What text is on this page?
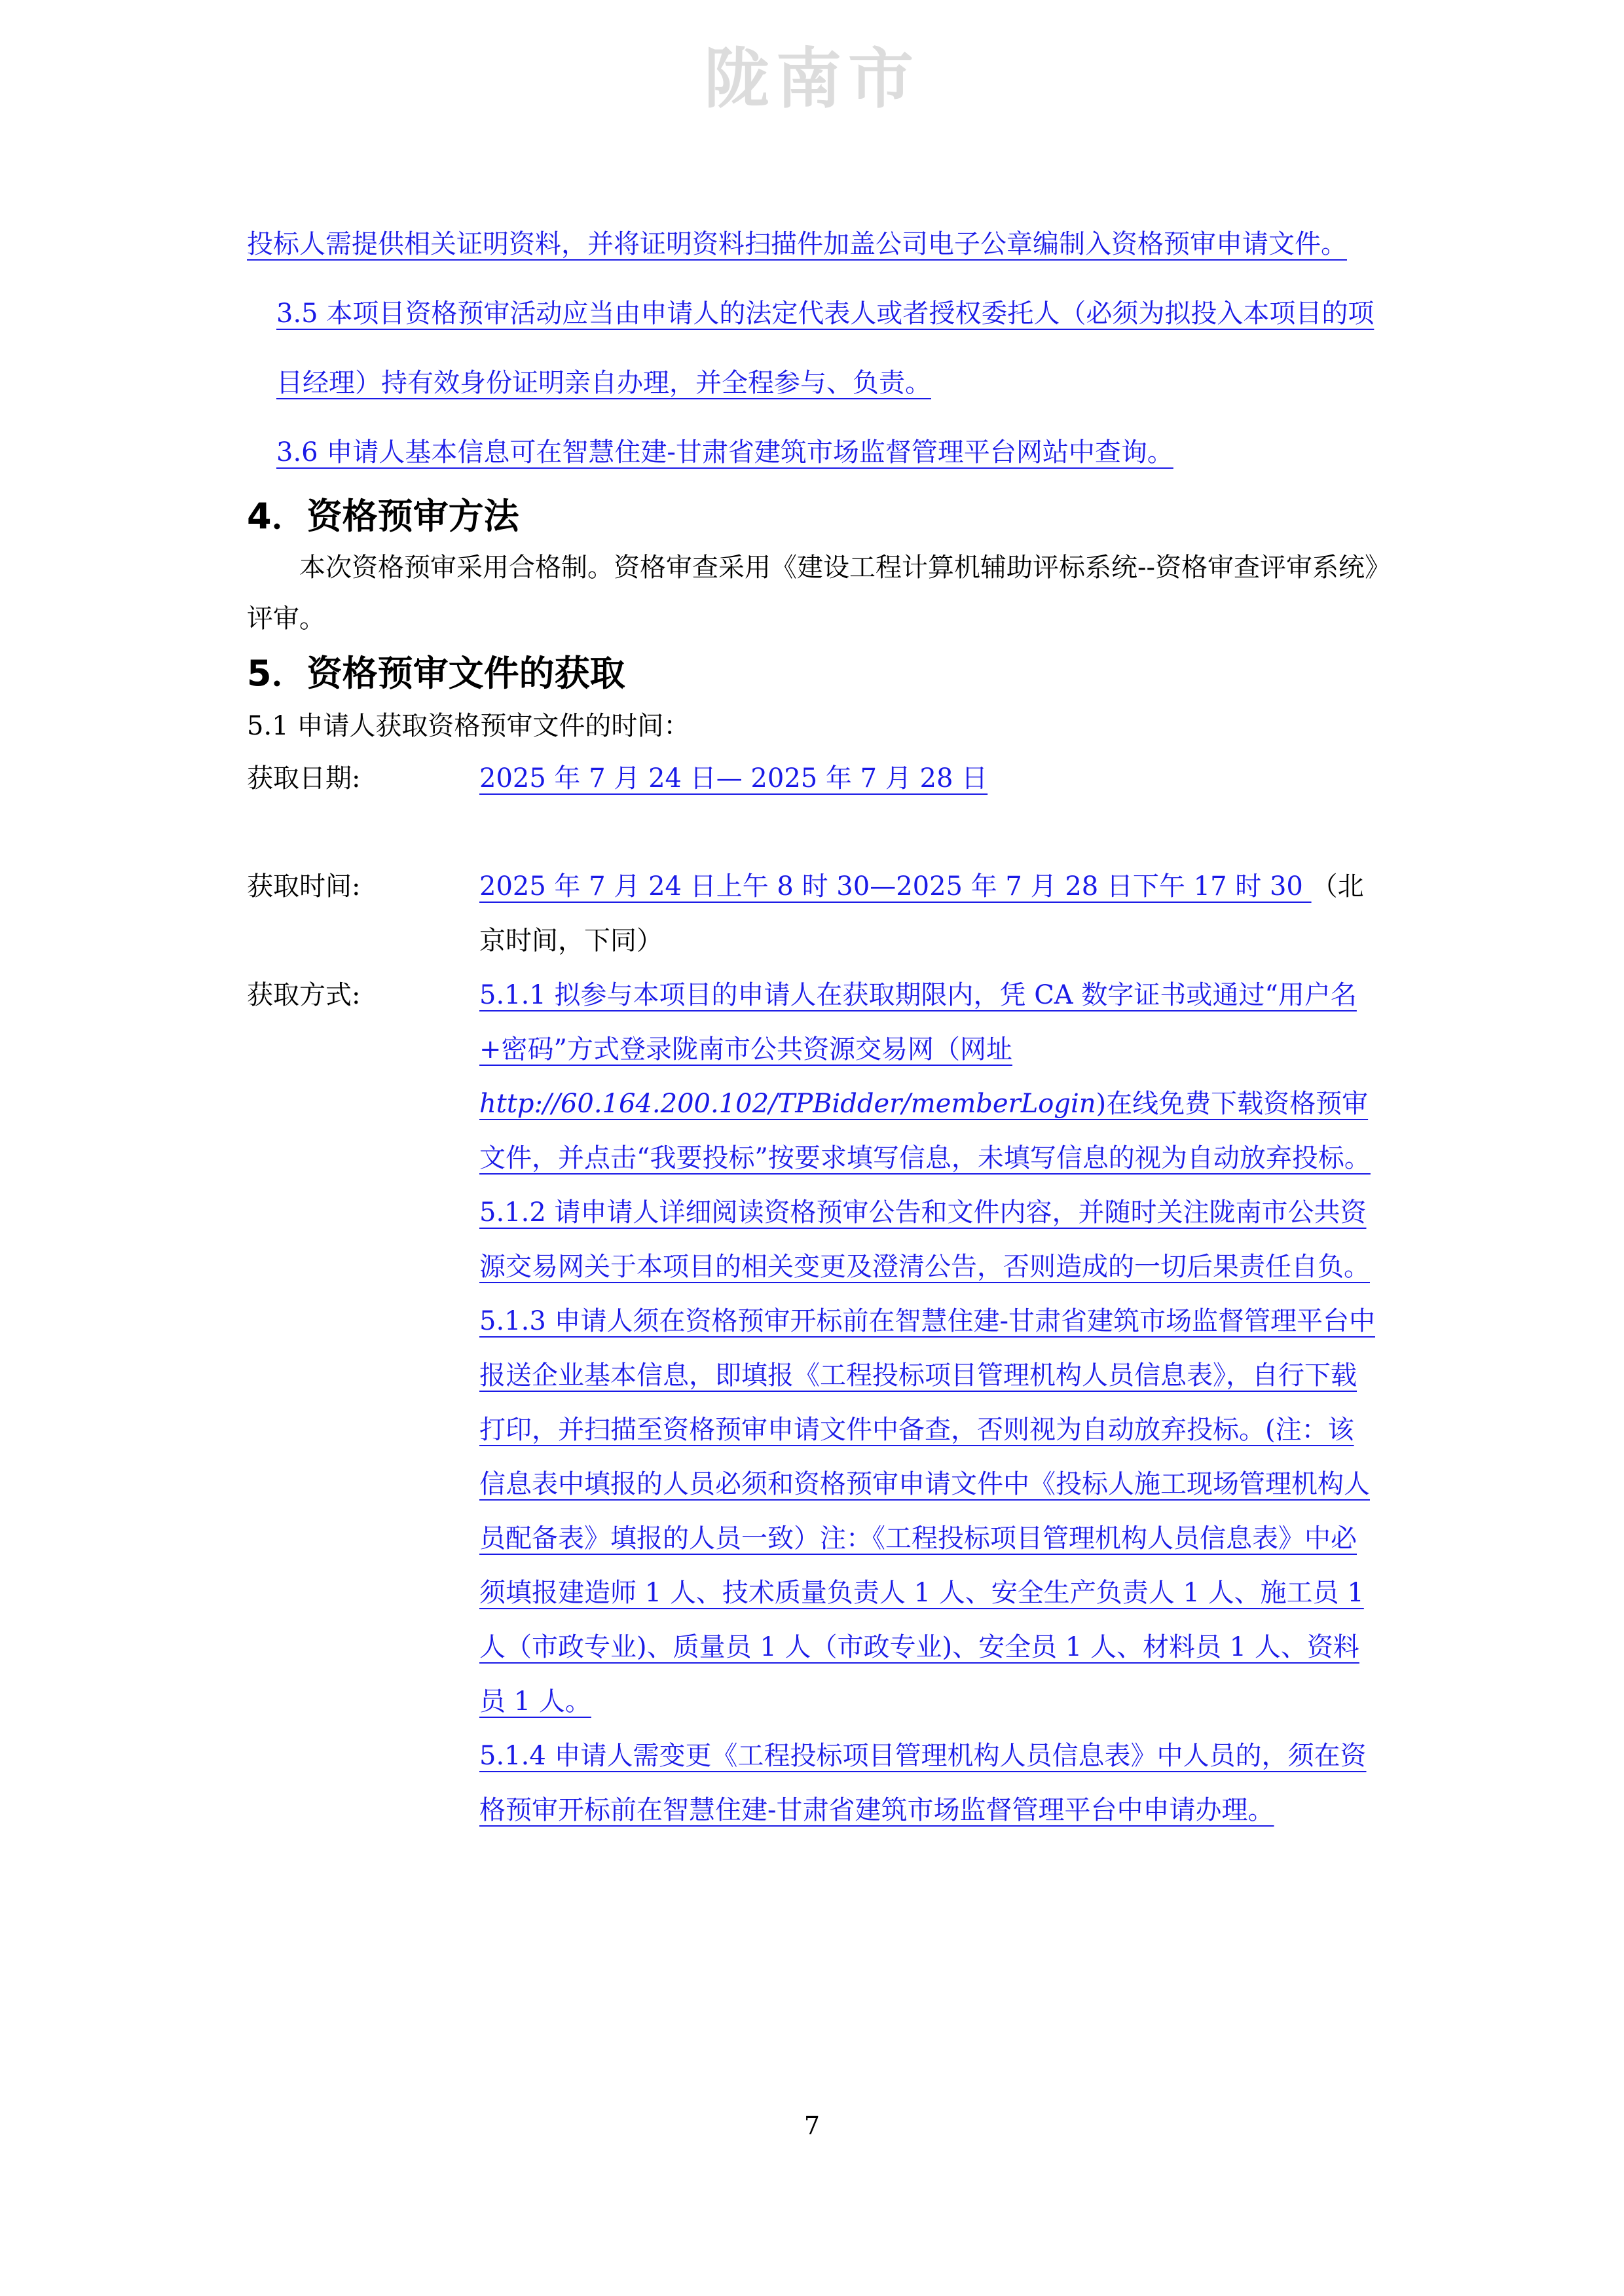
陇南市

投标人需提供相关证明资料，并将证明资料扫描件加盖公司电子公章编制入资格预审申请文件。

3.5 本项目资格预审活动应当由申请人的法定代表人或者授权委托人（必须为拟投入本项目的项目经理）持有效身份证明亲自办理，并全程参与、负责。

3.6 申请人基本信息可在智慧住建-甘肃省建筑市场监督管理平台网站中查询。

4．资格预审方法

本次资格预审采用合格制。资格审查采用《建设工程计算机辅助评标系统--资格审查评审系统》评审。

5．资格预审文件的获取

5.1 申请人获取资格预审文件的时间：

获取日期:	2025 年 7 月 24 日— 2025 年 7 月 28 日
获取时间:	2025 年 7 月 24 日上午 8 时 30—2025 年 7 月 28 日下午 17 时 30 （北京时间，下同）
获取方式:	5.1.1 拟参与本项目的申请人在获取期限内，凭 CA 数字证书或通过“用户名+密码”方式登录陇南市公共资源交易网（网址http://60.164.200.102/TPBidder/memberLogin)在线免费下载资格预审文件，并点击“我要投标”按要求填写信息，未填写信息的视为自动放弃投标。
5.1.2 请申请人详细阅读资格预审公告和文件内容，并随时关注陇南市公共资源交易网关于本项目的相关变更及澄清公告，否则造成的一切后果责任自负。
5.1.3 申请人须在资格预审开标前在智慧住建-甘肃省建筑市场监督管理平台中报送企业基本信息，即填报《工程投标项目管理机构人员信息表》，自行下载打印，并扫描至资格预审申请文件中备查，否则视为自动放弃投标。(注：该信息表中填报的人员必须和资格预审申请文件中《投标人施工现场管理机构人员配备表》填报的人员一致）注：《工程投标项目管理机构人员信息表》中必须填报建造师 1 人、技术质量负责人 1 人、安全生产负责人 1 人、施工员 1 人（市政专业)、质量员 1 人（市政专业)、安全员 1 人、材料员 1 人、资料员 1 人。
5.1.4 申请人需变更《工程投标项目管理机构人员信息表》中人员的，须在资格预审开标前在智慧住建-甘肃省建筑市场监督管理平台中申请办理。
7
